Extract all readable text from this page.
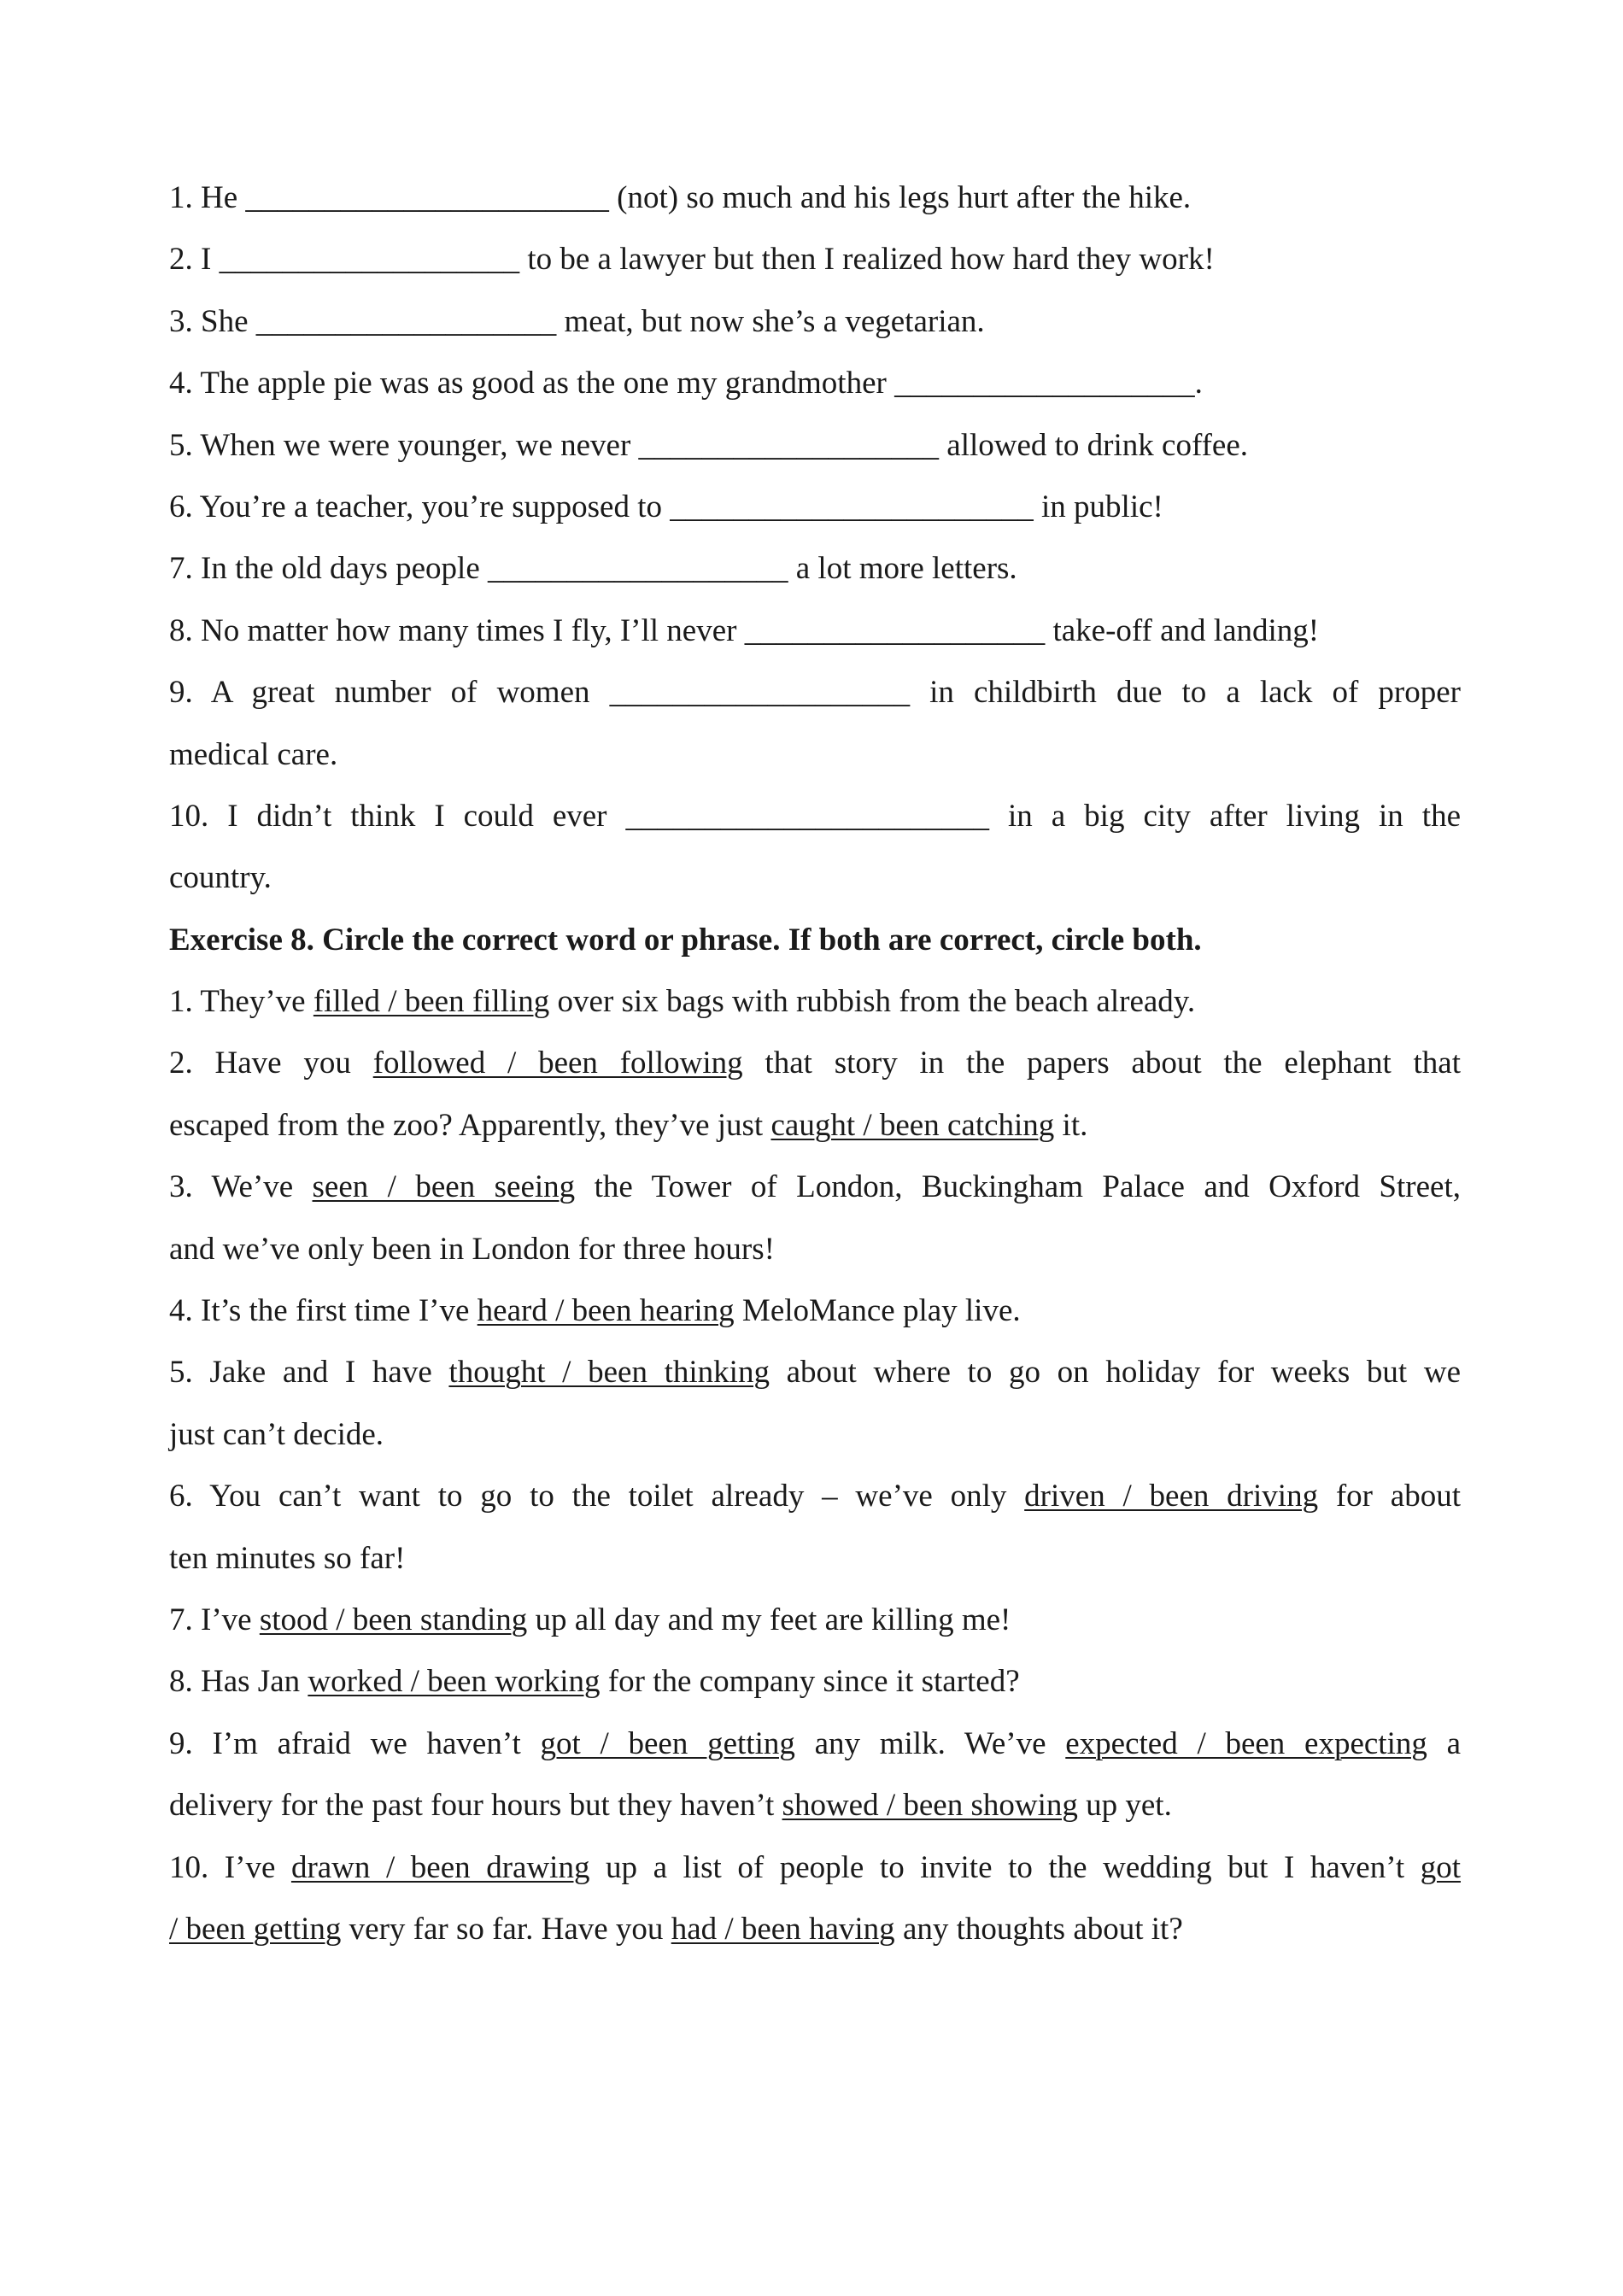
1. He _______________________ (not) so much and his legs hurt after the hike.
2. I ___________________ to be a lawyer but then I realized how hard they work!
3. She ___________________ meat, but now she’s a vegetarian.
4. The apple pie was as good as the one my grandmother ___________________.
5. When we were younger, we never ___________________ allowed to drink coffee.
6. You’re a teacher, you’re supposed to _______________________ in public!
7. In the old days people ___________________ a lot more letters.
8. No matter how many times I fly, I’ll never ___________________ take-off and landing!
9. A great number of women ___________________ in childbirth due to a lack of proper
medical care.
10. I didn’t think I could ever _______________________ in a big city after living in the
country.
Exercise 8. Circle the correct word or phrase. If both are correct, circle both.
1. They’ve filled / been filling over six bags with rubbish from the beach already.
2. Have you followed / been following that story in the papers about the elephant that
escaped from the zoo? Apparently, they’ve just caught / been catching it.
3. We’ve seen / been seeing the Tower of London, Buckingham Palace and Oxford Street,
and we’ve only been in London for three hours!
4. It’s the first time I’ve heard / been hearing MeloMance play live.
5. Jake and I have thought / been thinking about where to go on holiday for weeks but we
just can’t decide.
6. You can’t want to go to the toilet already – we’ve only driven / been driving for about
ten minutes so far!
7. I’ve stood / been standing up all day and my feet are killing me!
8. Has Jan worked / been working for the company since it started?
9. I’m afraid we haven’t got / been getting any milk. We’ve expected / been expecting a
delivery for the past four hours but they haven’t showed / been showing up yet.
10. I’ve drawn / been drawing up a list of people to invite to the wedding but I haven’t got
/ been getting very far so far. Have you had / been having any thoughts about it?
